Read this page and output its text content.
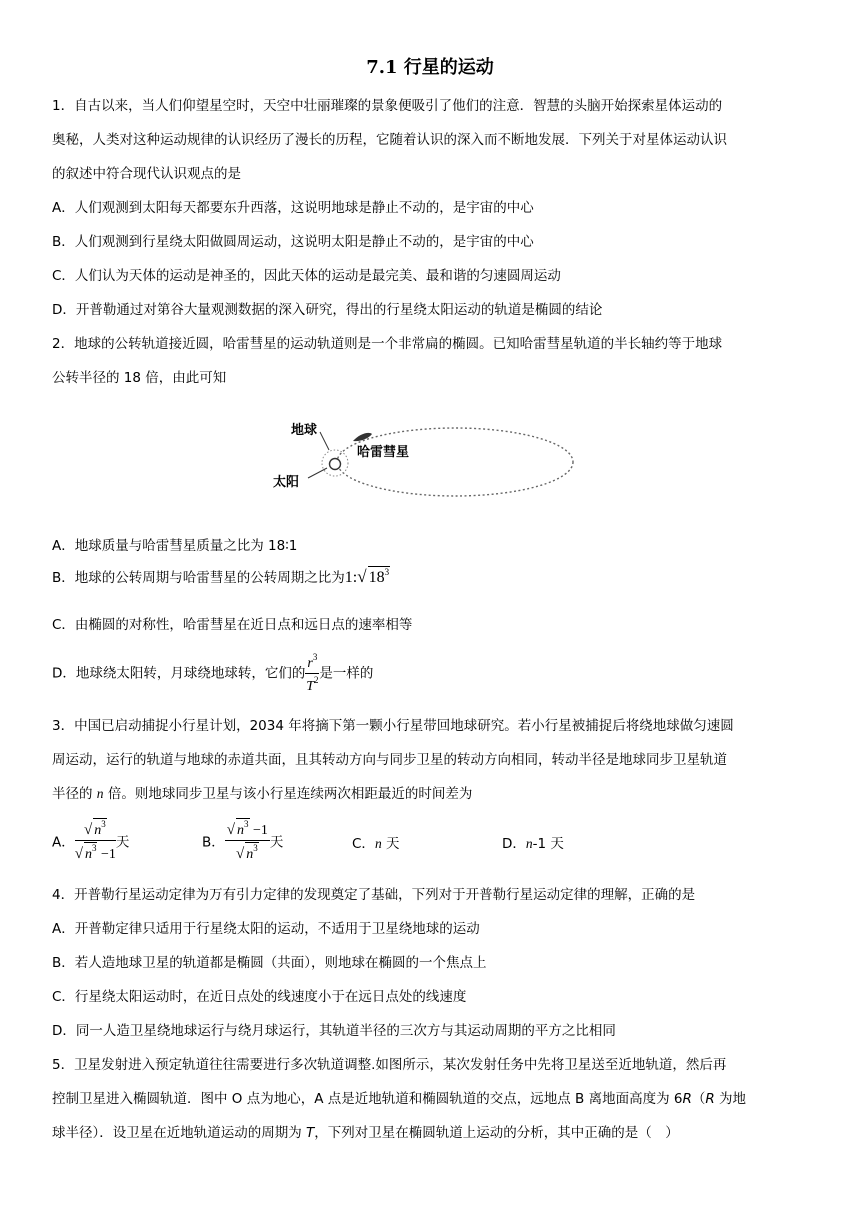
7.1 行星的运动
1．自古以来，当人们仰望星空时，天空中壮丽璀璨的景象便吸引了他们的注意．智慧的头脑开始探索星体运动的
奥秘，人类对这种运动规律的认识经历了漫长的历程，它随着认识的深入而不断地发展．下列关于对星体运动认识
的叙述中符合现代认识观点的是
A．人们观测到太阳每天都要东升西落，这说明地球是静止不动的，是宇宙的中心
B．人们观测到行星绕太阳做圆周运动，这说明太阳是静止不动的，是宇宙的中心
C．人们认为天体的运动是神圣的，因此天体的运动是最完美、最和谐的匀速圆周运动
D．开普勒通过对第谷大量观测数据的深入研究，得出的行星绕太阳运动的轨道是椭圆的结论
2．地球的公转轨道接近圆，哈雷彗星的运动轨道则是一个非常扁的椭圆。已知哈雷彗星轨道的半长轴约等于地球
公转半径的 18 倍，由此可知
地球
哈雷彗星
太阳
A．地球质量与哈雷彗星质量之比为 18∶1
B．地球的公转周期与哈雷彗星的公转周期之比为1:√ $18^3$
C．由椭圆的对称性，哈雷彗星在近日点和远日点的速率相等
D．地球绕太阳转，月球绕地球转，它们的 $\frac{r^3}{T^2}$ 是一样的
3．中国已启动捕捉小行星计划，2034 年将摘下第一颗小行星带回地球研究。若小行星被捕捉后将绕地球做匀速圆
周运动，运行的轨道与地球的赤道共面，且其转动方向与同步卫星的转动方向相同，转动半径是地球同步卫星轨道
半径的 n 倍。则地球同步卫星与该小行星连续两次相距最近的时间差为
A． $\frac{√ n^3}{√ n^3 -1}$ 天	B． $\frac{√ n^3 -1}{√ n^3}$ 天	C．n 天	D．n-1 天
4．开普勒行星运动定律为万有引力定律的发现奠定了基础，下列对于开普勒行星运动定律的理解，正确的是
A．开普勒定律只适用于行星绕太阳的运动，不适用于卫星绕地球的运动
B．若人造地球卫星的轨道都是椭圆（共面），则地球在椭圆的一个焦点上
C．行星绕太阳运动时，在近日点处的线速度小于在远日点处的线速度
D．同一人造卫星绕地球运行与绕月球运行，其轨道半径的三次方与其运动周期的平方之比相同
5．卫星发射进入预定轨道往往需要进行多次轨道调整.如图所示，某次发射任务中先将卫星送至近地轨道，然后再
控制卫星进入椭圆轨道．图中 O 点为地心，A 点是近地轨道和椭圆轨道的交点，远地点 B 离地面高度为 6R（R 为地
球半径）．设卫星在近地轨道运动的周期为 T，下列对卫星在椭圆轨道上运动的分析，其中正确的是（　）
